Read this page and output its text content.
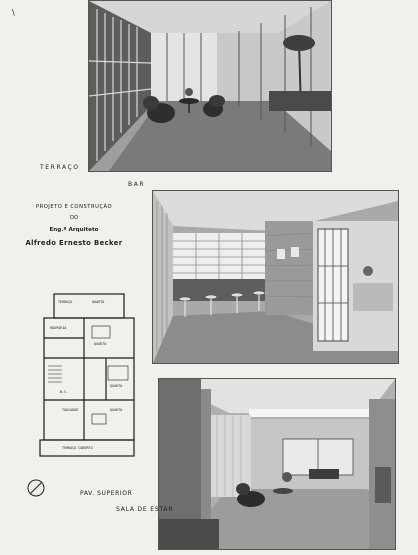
\
TERRAÇO
BAR
PROJETO E CONSTRUÇÃO
DO
Eng.º Arquiteto
Alfredo Ernesto Becker
TERRAÇO	QUARTO
ROUPARIA
QUARTO
QUARTO
W.C.
TOUCADOR	QUARTO
TERRAÇO COBERTO
PAV. SUPERIOR
SALA DE ESTAR
